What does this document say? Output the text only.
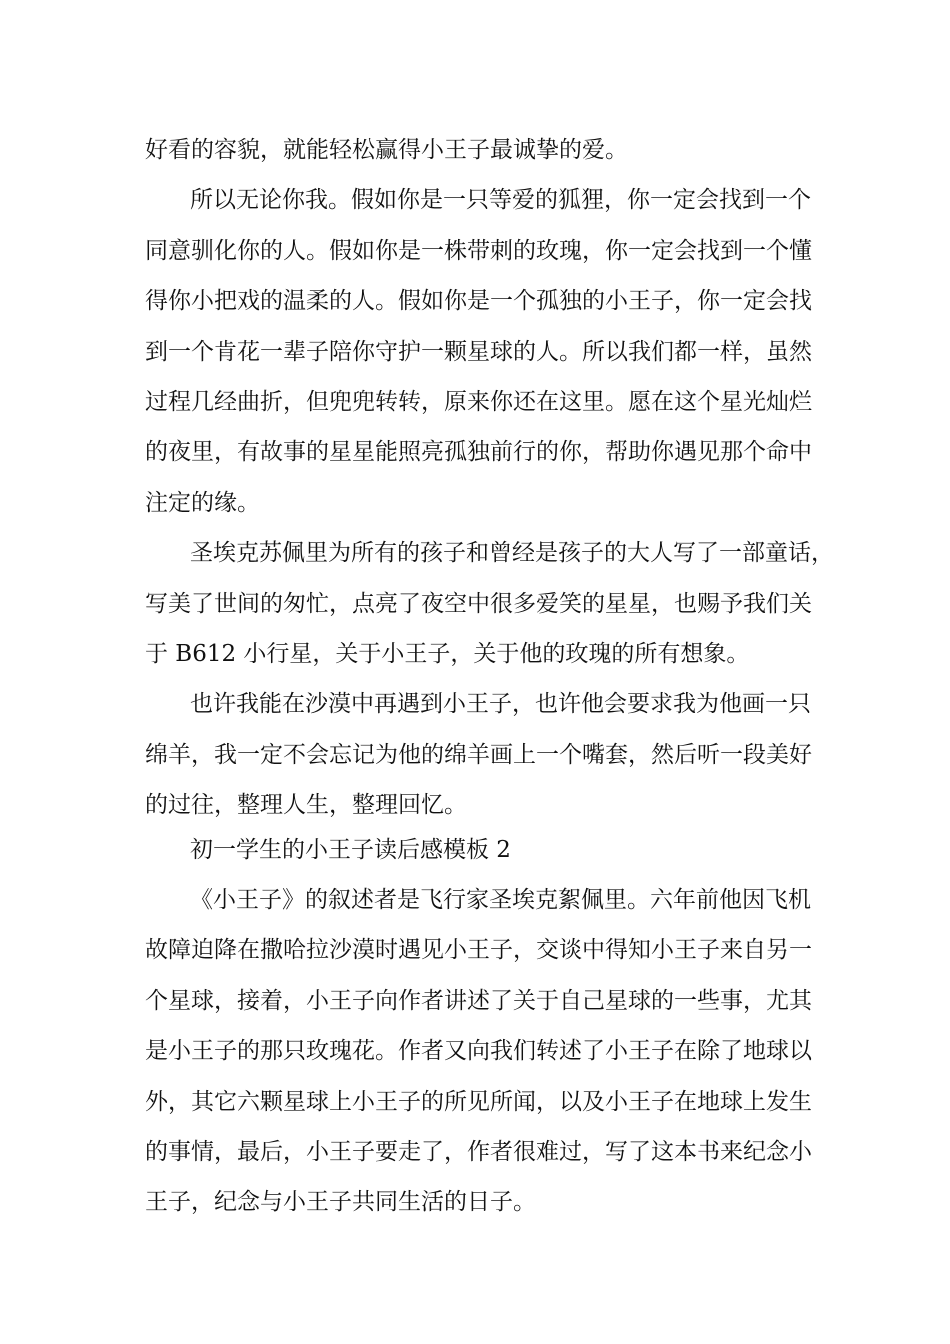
好看的容貌，就能轻松赢得小王子最诚挚的爱。

所以无论你我。假如你是一只等爱的狐狸，你一定会找到一个

同意驯化你的人。假如你是一株带刺的玫瑰，你一定会找到一个懂

得你小把戏的温柔的人。假如你是一个孤独的小王子，你一定会找

到一个肯花一辈子陪你守护一颗星球的人。所以我们都一样，虽然

过程几经曲折，但兜兜转转，原来你还在这里。愿在这个星光灿烂

的夜里，有故事的星星能照亮孤独前行的你，帮助你遇见那个命中

注定的缘。

圣埃克苏佩里为所有的孩子和曾经是孩子的大人写了一部童话，

写美了世间的匆忙，点亮了夜空中很多爱笑的星星，也赐予我们关

于 B612 小行星，关于小王子，关于他的玫瑰的所有想象。

也许我能在沙漠中再遇到小王子，也许他会要求我为他画一只

绵羊，我一定不会忘记为他的绵羊画上一个嘴套，然后听一段美好

的过往，整理人生，整理回忆。

初一学生的小王子读后感模板 2

《小王子》的叙述者是飞行家圣埃克絮佩里。六年前他因飞机

故障迫降在撒哈拉沙漠时遇见小王子，交谈中得知小王子来自另一

个星球，接着，小王子向作者讲述了关于自己星球的一些事，尤其

是小王子的那只玫瑰花。作者又向我们转述了小王子在除了地球以

外，其它六颗星球上小王子的所见所闻，以及小王子在地球上发生

的事情，最后，小王子要走了，作者很难过，写了这本书来纪念小

王子，纪念与小王子共同生活的日子。
